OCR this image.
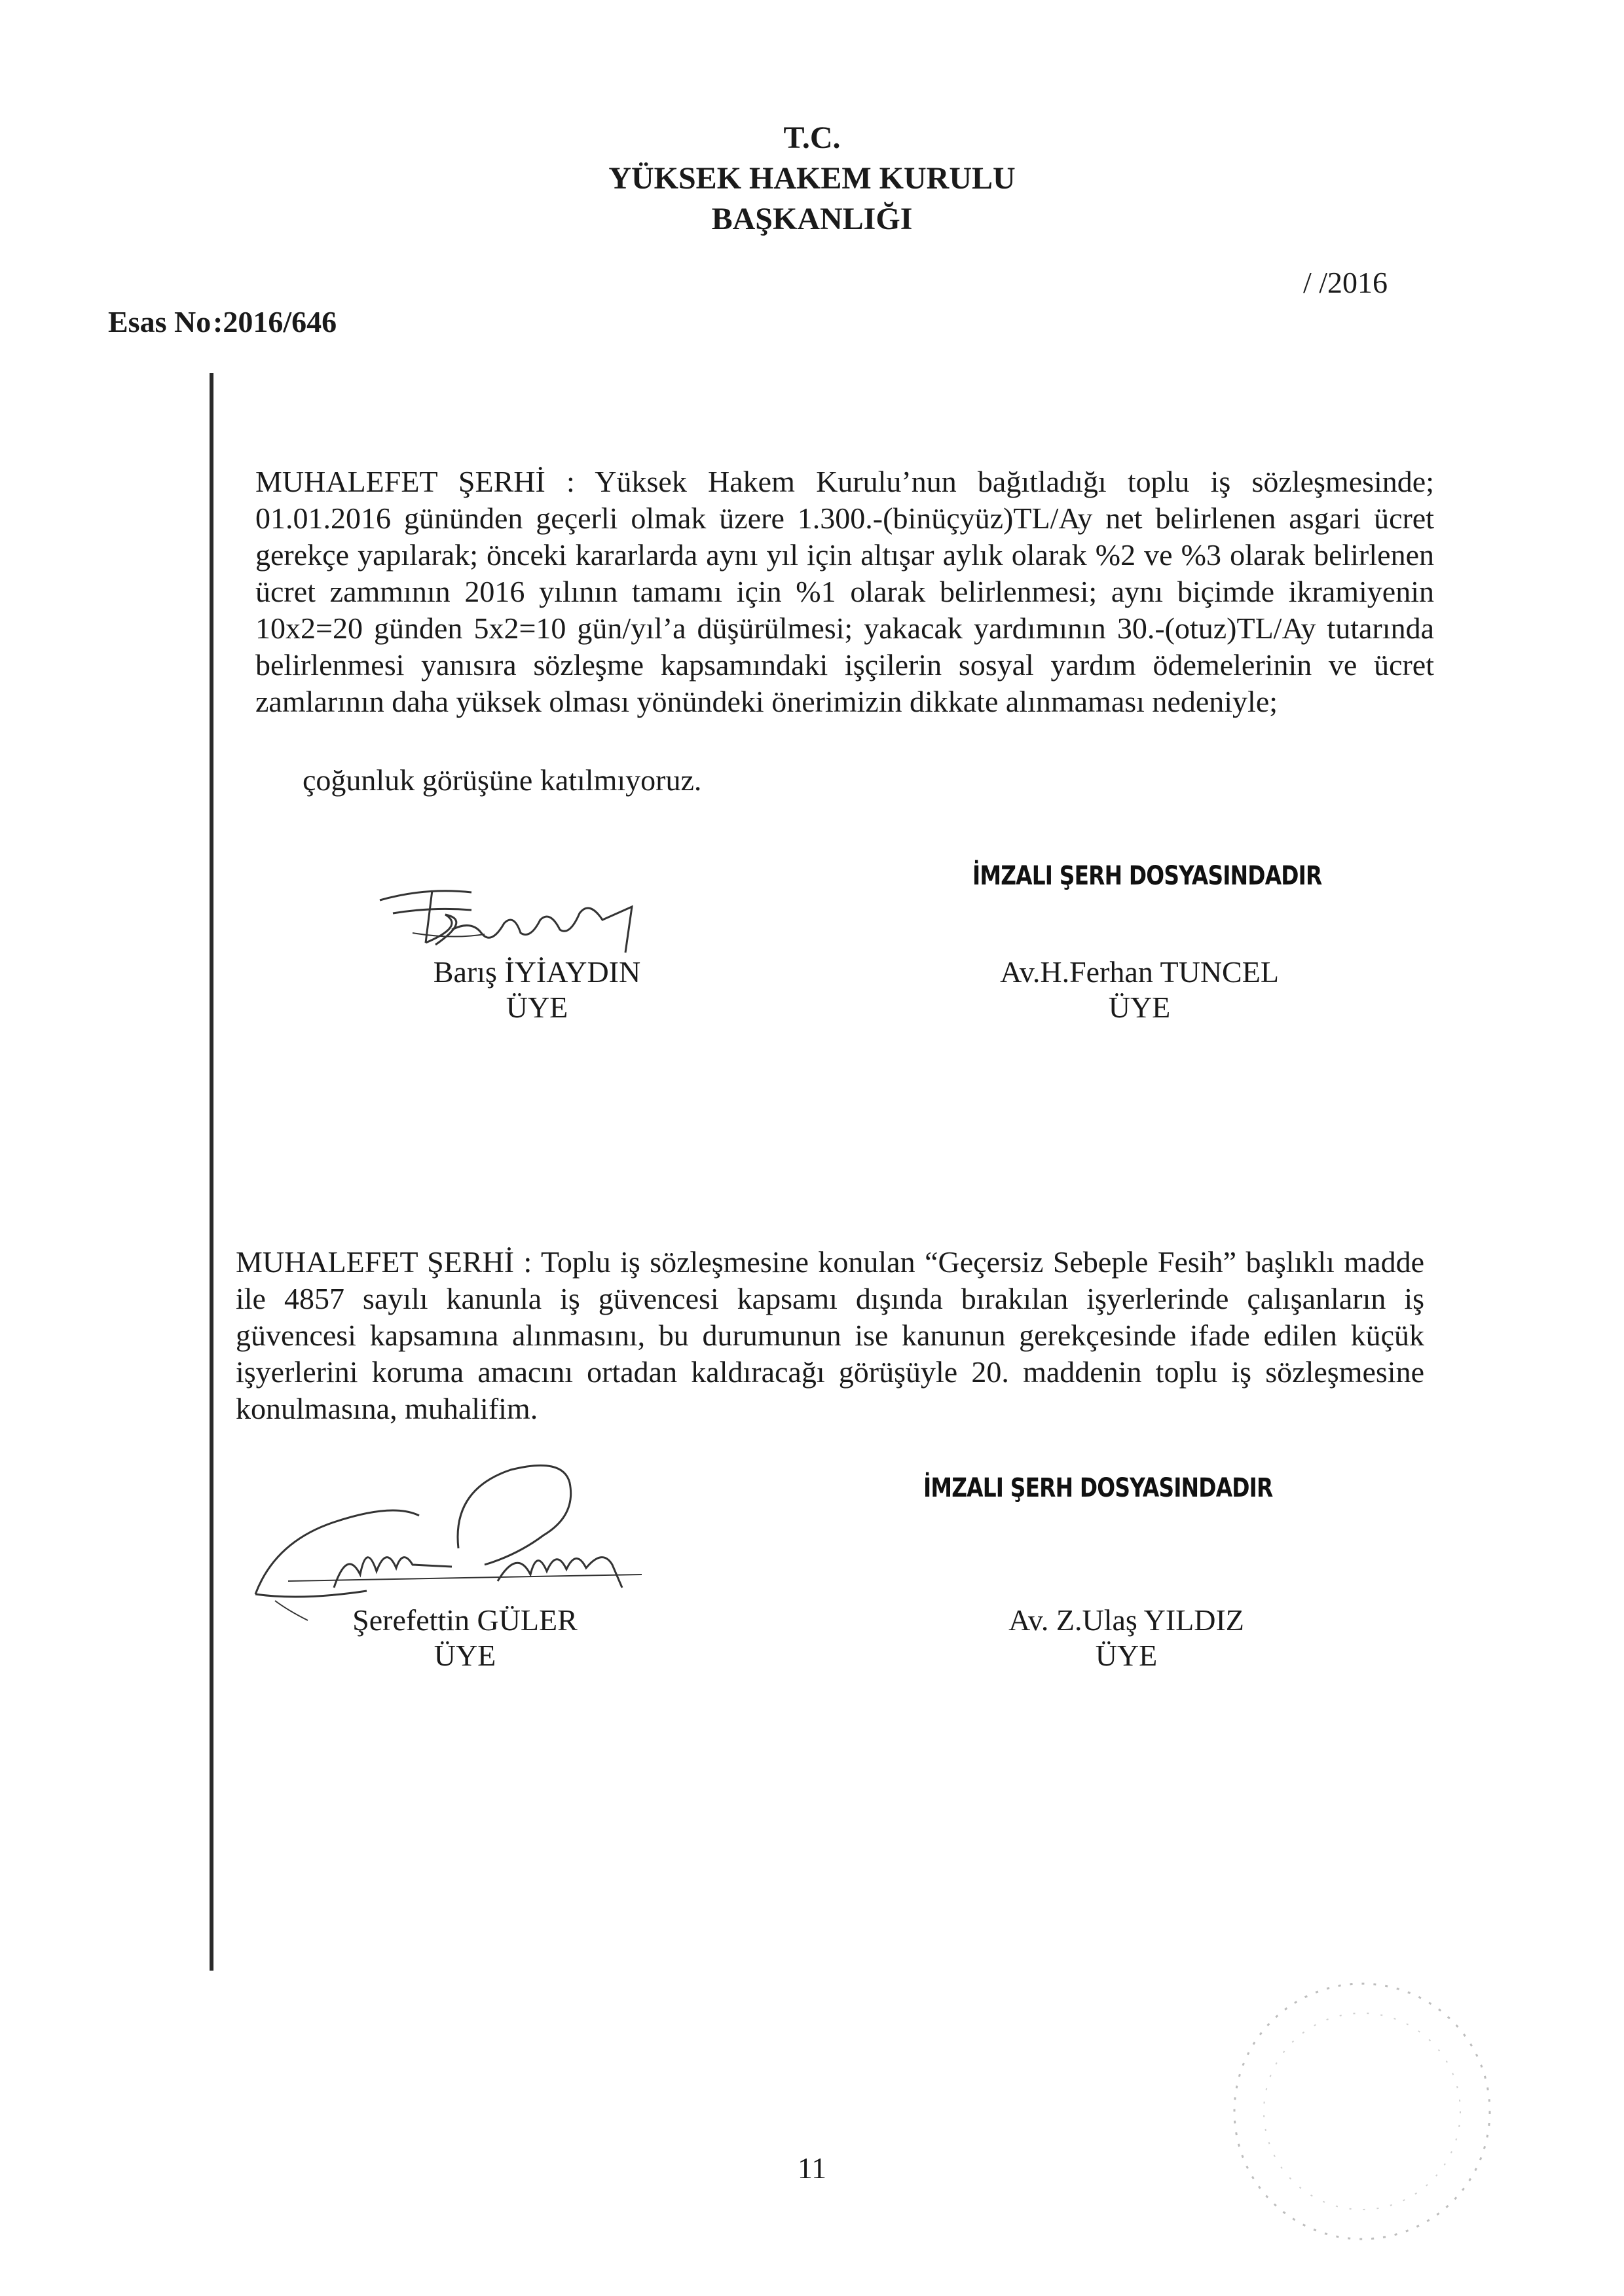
T.C.
YÜKSEK HAKEM KURULU
BAŞKANLIĞI
/ /2016
Esas No:2016/646
MUHALEFET ŞERHİ : Yüksek Hakem Kurulu’nun bağıtladığı toplu iş sözleşmesinde; 01.01.2016 gününden geçerli olmak üzere 1.300.-(binüçyüz)TL/Ay net belirlenen asgari ücret gerekçe yapılarak; önceki kararlarda aynı yıl için altışar aylık olarak %2 ve %3 olarak belirlenen ücret zammının 2016 yılının tamamı için %1 olarak belirlenmesi; aynı biçimde ikramiyenin 10x2=20 günden 5x2=10 gün/yıl’a düşürülmesi; yakacak yardımının 30.-(otuz)TL/Ay tutarında belirlenmesi yanısıra sözleşme kapsamındaki işçilerin sosyal yardım ödemelerinin ve ücret zamlarının daha yüksek olması yönündeki önerimizin dikkate alınmaması nedeniyle;
çoğunluk görüşüne katılmıyoruz.
Barış İYİAYDIN
ÜYE
İMZALI ŞERH DOSYASINDADIR
Av.H.Ferhan TUNCEL
ÜYE
MUHALEFET ŞERHİ : Toplu iş sözleşmesine konulan “Geçersiz Sebeple Fesih” başlıklı madde ile 4857 sayılı kanunla iş güvencesi kapsamı dışında bırakılan işyerlerinde çalışanların iş güvencesi kapsamına alınmasını, bu durumunun ise kanunun gerekçesinde ifade edilen küçük işyerlerini koruma amacını ortadan kaldıracağı görüşüyle 20. maddenin toplu iş sözleşmesine konulmasına, muhalifim.
Şerefettin GÜLER
ÜYE
İMZALI ŞERH DOSYASINDADIR
Av. Z.Ulaş YILDIZ
ÜYE
11
